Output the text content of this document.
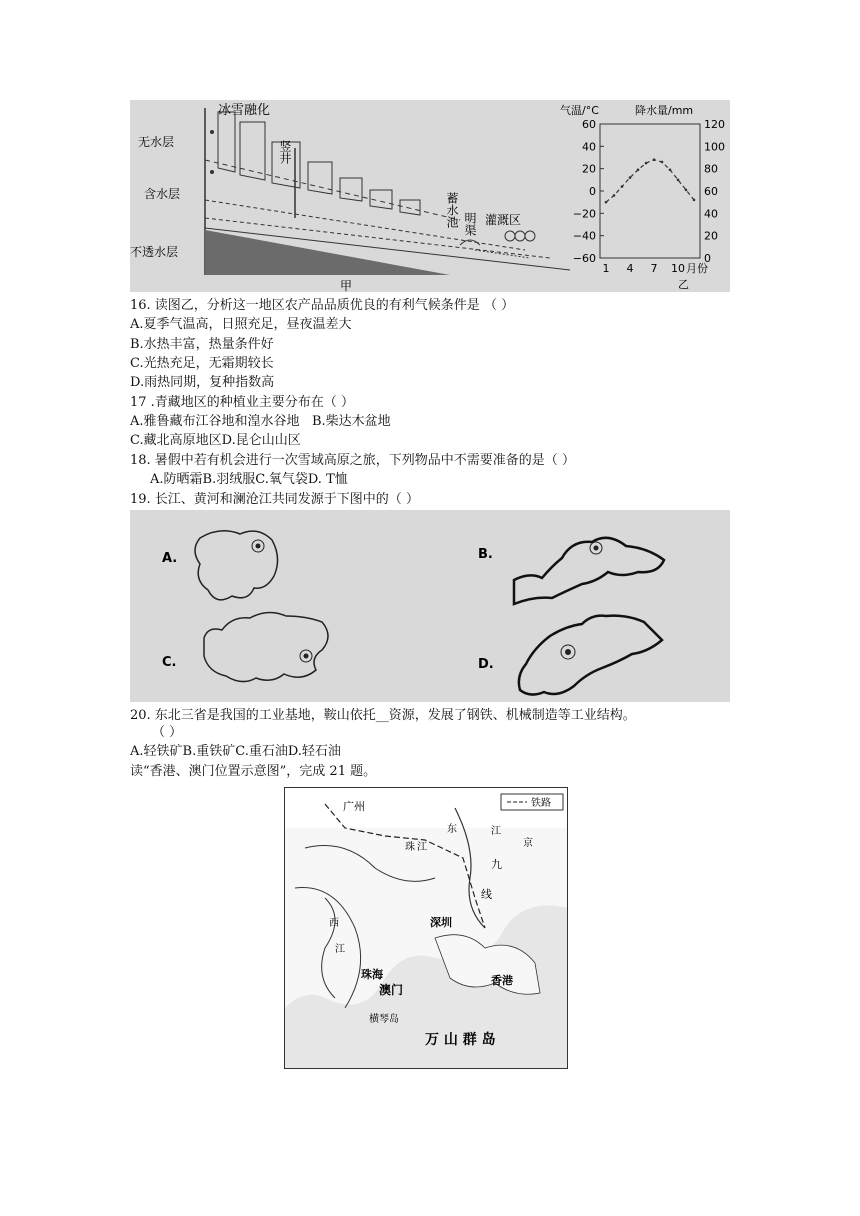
冰雪融化
无水层
含水层
不透水层
竖井
蓄水池 明渠 灌溉区
甲
气温/°C	降水量/mm
60
40
20
0
−20
−40
−60
120
100
80
60
40
20
0
1 4 7 10 月份
乙
16. 读图乙，分析这一地区农产品品质优良的有利气候条件是 （ ）
A.夏季气温高，日照充足，昼夜温差大
B.水热丰富，热量条件好
C.光热充足，无霜期较长
D.雨热同期，复种指数高
17 .青藏地区的种植业主要分布在（ ）
A.雅鲁藏布江谷地和湟水谷地 B.柴达木盆地
C.藏北高原地区D.昆仑山山区
18. 暑假中若有机会进行一次雪域高原之旅，下列物品中不需要准备的是（ ）
A.防晒霜B.羽绒服C.氧气袋D. T恤
19. 长江、黄河和澜沧江共同发源于下图中的（ ）
A.	B.
C.	D.
20. 东北三省是我国的工业基地，鞍山依托__资源，发展了钢铁、机械制造等工业结构。
（ ）
A.轻铁矿B.重铁矿C.重石油D.轻石油
读“香港、澳门位置示意图”，完成 21 题。
铁路
广州
深圳
珠海
澳门
香港
横琴岛
万 山 群 岛
九
线
珠 江
西
江
东	江
京
